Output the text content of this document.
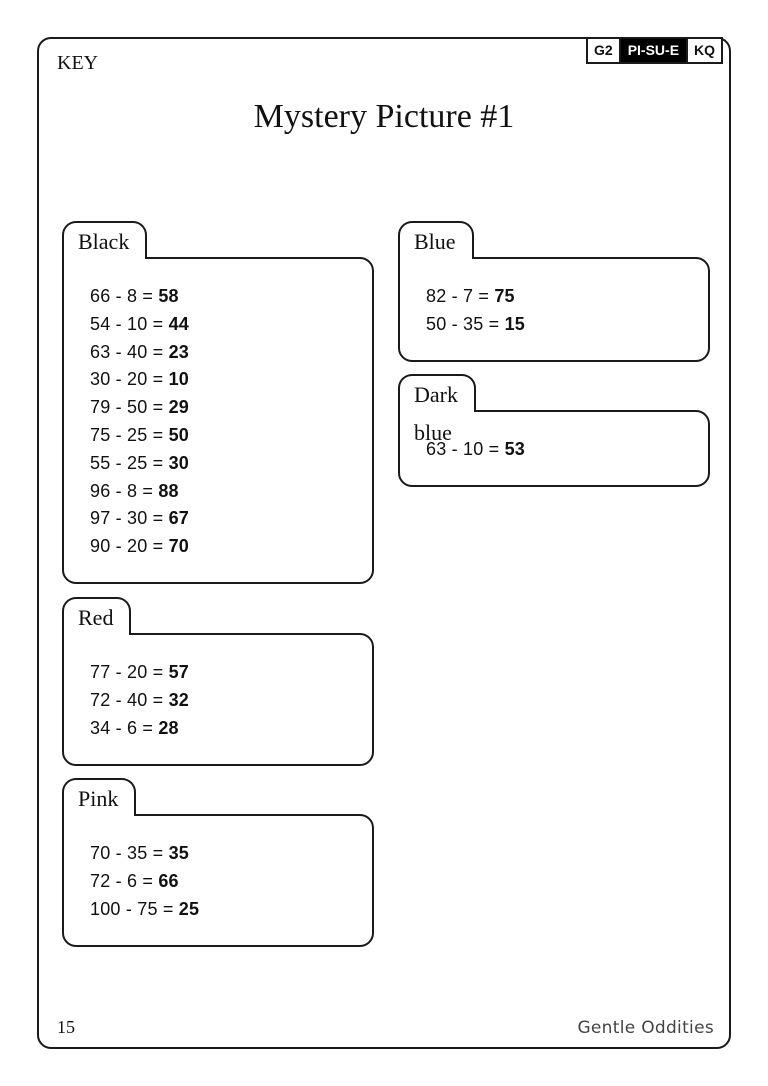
G2	PI-SU-E	KQ
KEY
Mystery Picture #1
Black
66 - 8 = 58
54 - 10 = 44
63 - 40 = 23
30 - 20 = 10
79 - 50 = 29
75 - 25 = 50
55 - 25 = 30
96 - 8 = 88
97 - 30 = 67
90 - 20 = 70
Red
77 - 20 = 57
72 - 40 = 32
34 - 6 = 28
Pink
70 - 35 = 35
72 - 6 = 66
100 - 75 = 25
Blue
82 - 7 = 75
50 - 35 = 15
Dark blue
63 - 10 = 53
15	Gentle Oddities
